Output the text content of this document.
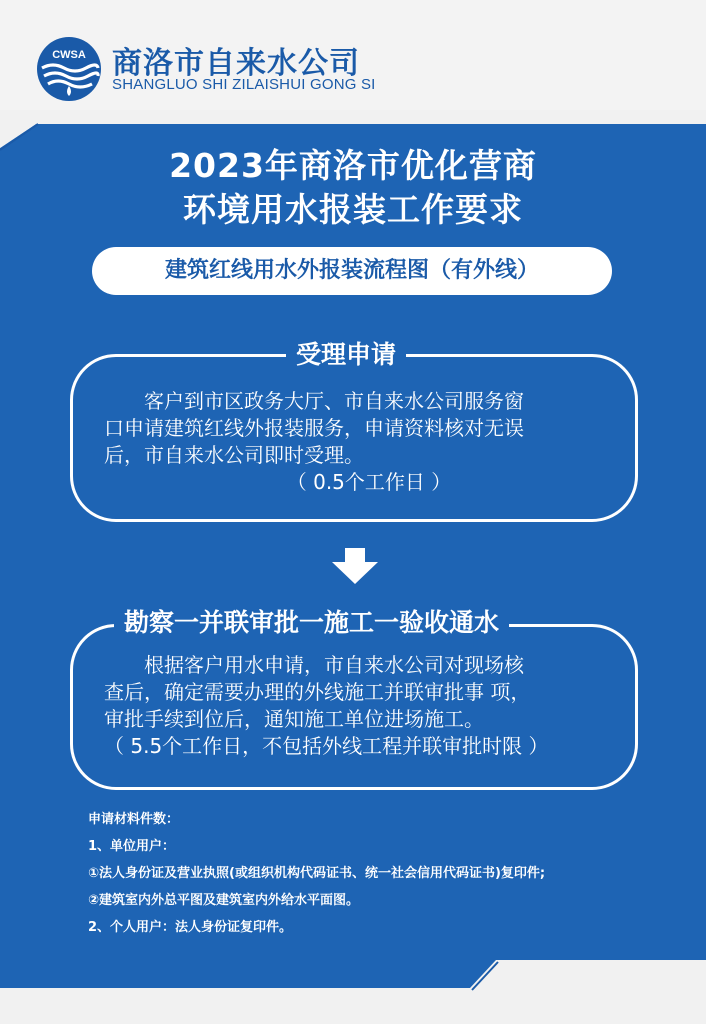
CWSA 商洛市自来水公司
SHANGLUO SHI ZILAISHUI GONG SI
2023年商洛市优化营商
环境用水报装工作要求
建筑红线用水外报装流程图（有外线）
受理申请
客户到市区政务大厅、市自来水公司服务窗
口申请建筑红线外报装服务，申请资料核对无误
后，市自来水公司即时受理。
（ 0.5个工作日 ）
勘察一并联审批一施工一验收通水
根据客户用水申请，市自来水公司对现场核
查后，确定需要办理的外线施工并联审批事 项，
审批手续到位后，通知施工单位进场施工。
（ 5.5个工作日，不包括外线工程并联审批时限 ）
申请材料件数：
1、单位用户：
①法人身份证及营业执照(或组织机构代码证书、统一社会信用代码证书)复印件;
②建筑室内外总平图及建筑室内外给水平面图。
2、个人用户：法人身份证复印件。
